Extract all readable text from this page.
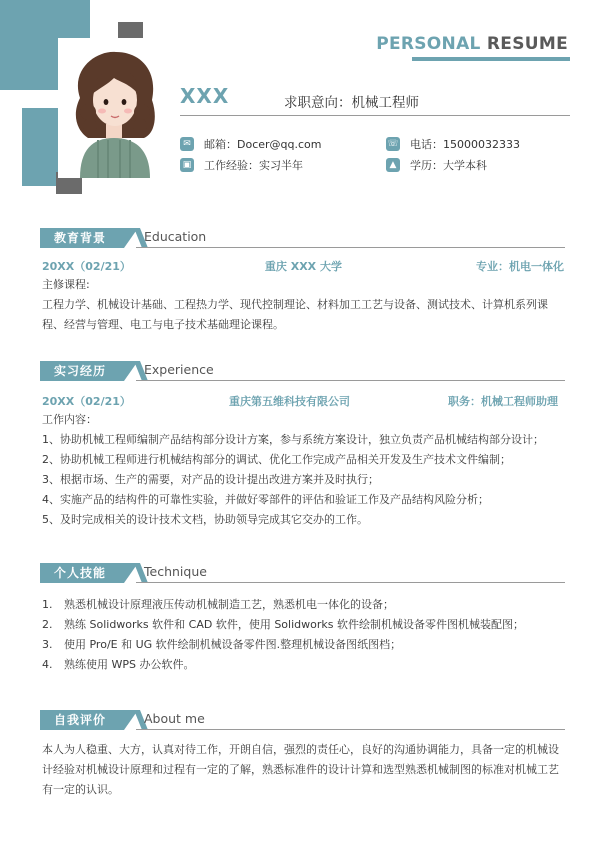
PERSONAL RESUME
XXX	求职意向：机械工程师
✉ 邮箱：Docer@qq.com	☏ 电话：15000032333
▣ 工作经验：实习半年	▲	学历：大学本科
教育背景	Education
20XX（02/21）	重庆 XXX 大学	专业：机电一体化
主修课程:
工程力学、机械设计基础、工程热力学、现代控制理论、材料加工工艺与设备、测试技术、计算机系列课程、经营与管理、电工与电子技术基础理论课程。
实习经历	Experience
20XX（02/21）	重庆第五维科技有限公司	职务：机械工程师助理
工作内容：
1、协助机械工程师编制产品结构部分设计方案，参与系统方案设计，独立负责产品机械结构部分设计；
2、协助机械工程师进行机械结构部分的调试、优化工作完成产品相关开发及生产技术文件编制；
3、根据市场、生产的需要，对产品的设计提出改进方案并及时执行；
4、实施产品的结构件的可靠性实验，并做好零部件的评估和验证工作及产品结构风险分析；
5、及时完成相关的设计技术文档，协助领导完成其它交办的工作。
个人技能	Technique
1.	熟悉机械设计原理液压传动机械制造工艺，熟悉机电一体化的设备；
2.	熟练 Solidworks 软件和 CAD 软件，使用 Solidworks 软件绘制机械设备零件图机械装配图；
3.	使用 Pro/E 和 UG 软件绘制机械设备零件图.整理机械设备图纸图档；
4.	熟练使用 WPS 办公软件。
自我评价	About me
本人为人稳重、大方，认真对待工作，开朗自信，强烈的责任心，良好的沟通协调能力，具备一定的机械设计经验对机械设计原理和过程有一定的了解，熟悉标准件的设计计算和选型熟悉机械制图的标准对机械工艺有一定的认识。
